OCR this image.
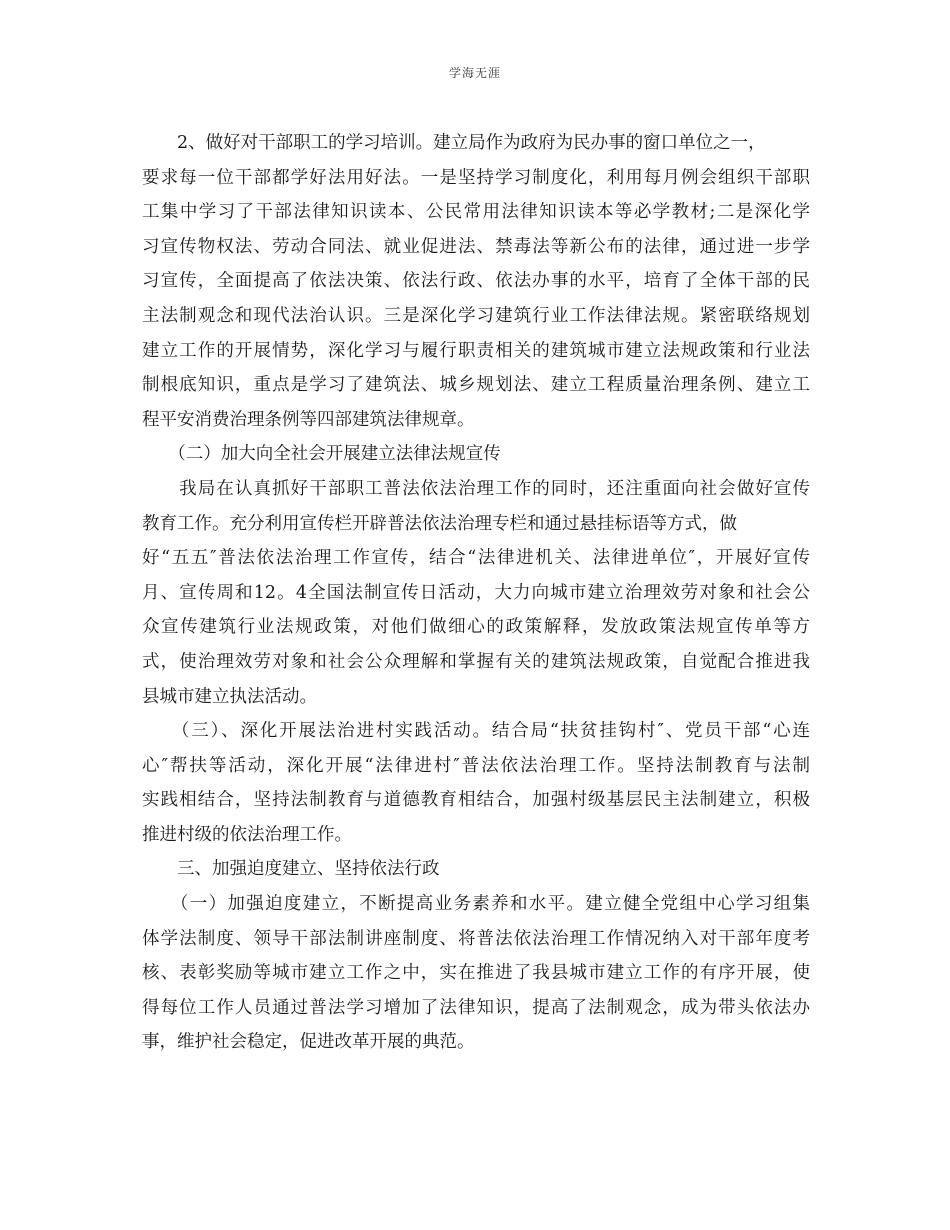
学海无涯
　　2、做好对干部职工的学习培训。建立局作为政府为民办事的窗口单位之一，
要求每一位干部都学好法用好法。一是坚持学习制度化，利用每月例会组织干部职
工集中学习了干部法律知识读本、公民常用法律知识读本等必学教材;二是深化学
习宣传物权法、劳动合同法、就业促进法、禁毒法等新公布的法律，通过进一步学
习宣传，全面提高了依法决策、依法行政、依法办事的水平，培育了全体干部的民
主法制观念和现代法治认识。三是深化学习建筑行业工作法律法规。紧密联络规划
建立工作的开展情势，深化学习与履行职责相关的建筑城市建立法规政策和行业法
制根底知识，重点是学习了建筑法、城乡规划法、建立工程质量治理条例、建立工
程平安消费治理条例等四部建筑法律规章。
　　（二）加大向全社会开展建立法律法规宣传
　　我局在认真抓好干部职工普法依法治理工作的同时，还注重面向社会做好宣传
教育工作。充分利用宣传栏开辟普法依法治理专栏和通过悬挂标语等方式，做
好“五五″普法依法治理工作宣传，结合“法律进机关、法律进单位″，开展好宣传
月、宣传周和12。4全国法制宣传日活动，大力向城市建立治理效劳对象和社会公
众宣传建筑行业法规政策，对他们做细心的政策解释，发放政策法规宣传单等方
式，使治理效劳对象和社会公众理解和掌握有关的建筑法规政策，自觉配合推进我
县城市建立执法活动。
　　（三）、深化开展法治进村实践活动。结合局“扶贫挂钩村″、党员干部“心连
心″帮扶等活动，深化开展“法律进村″普法依法治理工作。坚持法制教育与法制
实践相结合，坚持法制教育与道德教育相结合，加强村级基层民主法制建立，积极
推进村级的依法治理工作。
　　三、加强迫度建立、坚持依法行政
　　（一）加强迫度建立，不断提高业务素养和水平。建立健全党组中心学习组集
体学法制度、领导干部法制讲座制度、将普法依法治理工作情况纳入对干部年度考
核、表彰奖励等城市建立工作之中，实在推进了我县城市建立工作的有序开展，使
得每位工作人员通过普法学习增加了法律知识，提高了法制观念，成为带头依法办
事，维护社会稳定，促进改革开展的典范。
